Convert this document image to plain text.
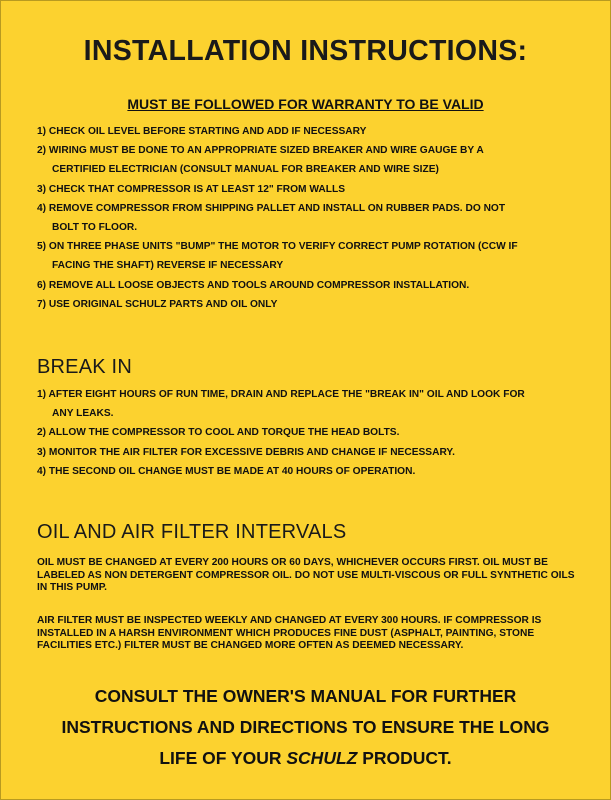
INSTALLATION INSTRUCTIONS:
MUST BE FOLLOWED FOR WARRANTY TO BE VALID
1) CHECK OIL LEVEL BEFORE STARTING AND ADD IF NECESSARY
2) WIRING MUST BE DONE TO AN APPROPRIATE SIZED BREAKER AND WIRE GAUGE BY A
CERTIFIED ELECTRICIAN (CONSULT MANUAL FOR BREAKER AND WIRE SIZE)
3) CHECK THAT COMPRESSOR IS AT LEAST 12" FROM WALLS
4) REMOVE COMPRESSOR FROM SHIPPING PALLET AND INSTALL ON RUBBER PADS. DO NOT
BOLT TO FLOOR.
5) ON THREE PHASE UNITS "BUMP" THE MOTOR TO VERIFY CORRECT PUMP ROTATION (CCW IF
FACING THE SHAFT) REVERSE IF NECESSARY
6) REMOVE ALL LOOSE OBJECTS AND TOOLS AROUND COMPRESSOR INSTALLATION.
7) USE ORIGINAL SCHULZ PARTS AND OIL ONLY
BREAK IN
1) AFTER EIGHT HOURS OF RUN TIME, DRAIN AND REPLACE THE "BREAK IN" OIL AND LOOK FOR
ANY LEAKS.
2) ALLOW THE COMPRESSOR TO COOL AND TORQUE THE HEAD BOLTS.
3) MONITOR THE AIR FILTER FOR EXCESSIVE DEBRIS AND CHANGE IF NECESSARY.
4) THE SECOND OIL CHANGE MUST BE MADE AT 40 HOURS OF OPERATION.
OIL AND AIR FILTER INTERVALS
OIL MUST BE CHANGED AT EVERY 200 HOURS OR 60 DAYS, WHICHEVER OCCURS FIRST. OIL MUST BE LABELED AS NON DETERGENT COMPRESSOR OIL. DO NOT USE MULTI-VISCOUS OR FULL SYNTHETIC OILS IN THIS PUMP.
AIR FILTER MUST BE INSPECTED WEEKLY AND CHANGED AT EVERY 300 HOURS. IF COMPRESSOR IS INSTALLED IN A HARSH ENVIRONMENT WHICH PRODUCES FINE DUST (ASPHALT, PAINTING, STONE FACILITIES ETC.) FILTER MUST BE CHANGED MORE OFTEN AS DEEMED NECESSARY.
CONSULT THE OWNER'S MANUAL FOR FURTHER
INSTRUCTIONS AND DIRECTIONS TO ENSURE THE LONG
LIFE OF YOUR SCHULZ PRODUCT.
